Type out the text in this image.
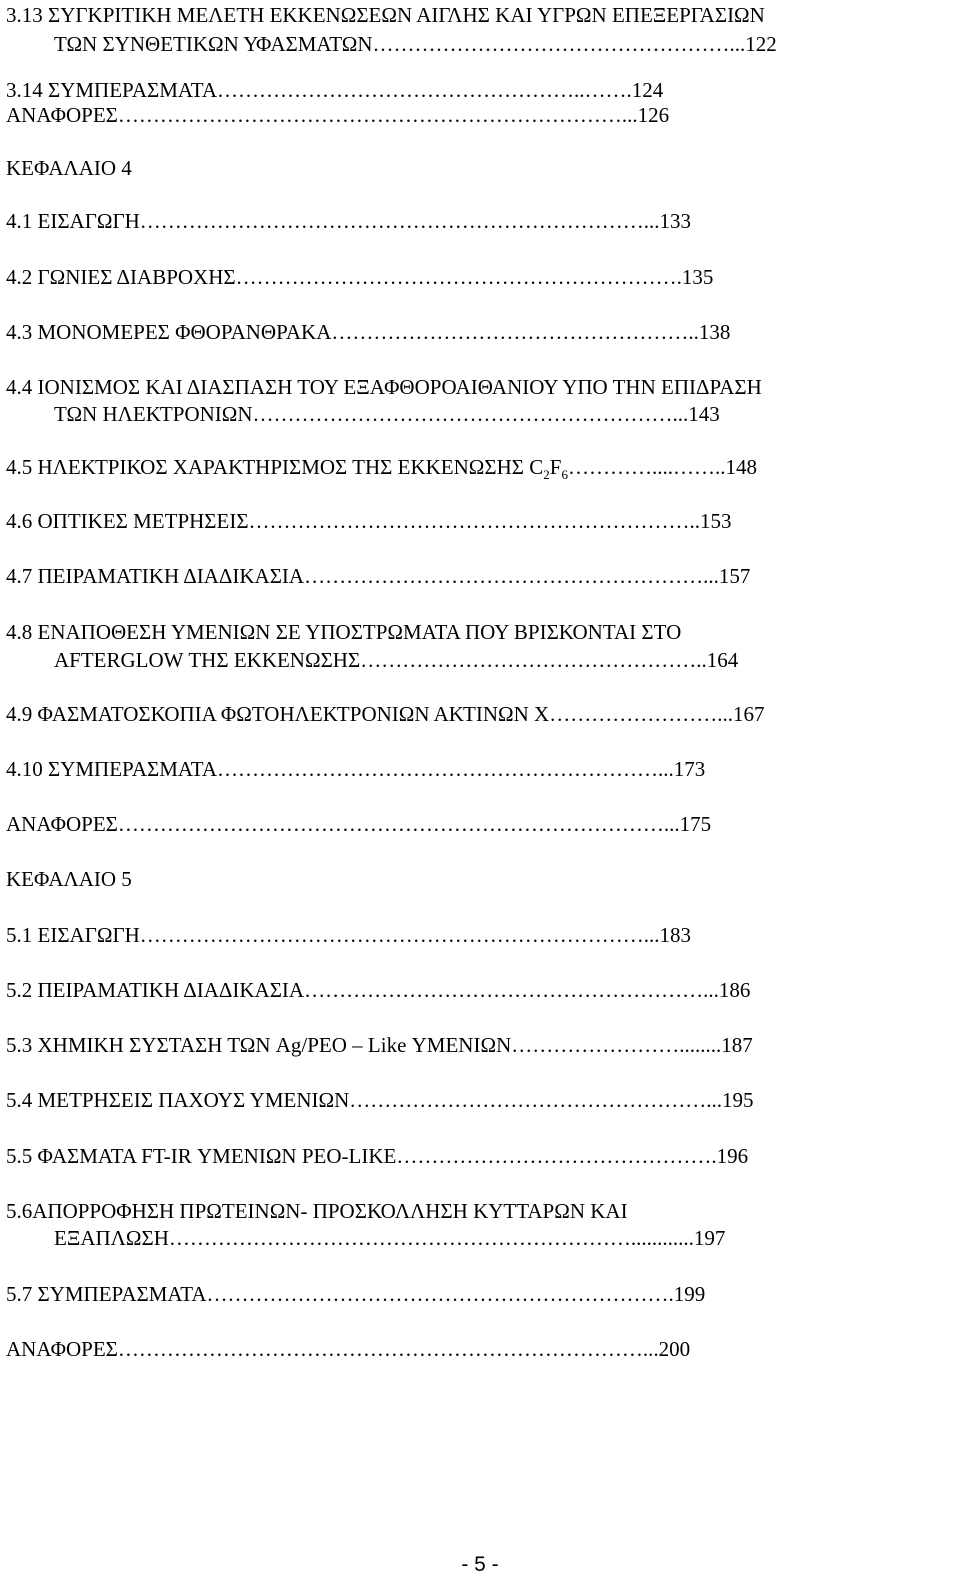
3.13 ΣΥΓΚΡΙΤΙΚΗ ΜΕΛΕΤΗ ΕΚΚΕΝΩΣΕΩΝ ΑΙΓΛΗΣ ΚΑΙ ΥΓΡΩΝ ΕΠΕΞΕΡΓΑΣΙΩΝ
ΤΩΝ ΣΥΝΘΕΤΙΚΩΝ ΥΦΑΣΜΑΤΩΝ……………………………………………...122
3.14 ΣΥΜΠΕΡΑΣΜΑΤΑ……………………………………………..…….124
ΑΝΑΦΟΡΕΣ………………………………………………………………...126
ΚΕΦΑΛΑΙΟ 4
4.1 ΕΙΣΑΓΩΓΗ………………………………………………………………...133
4.2 ΓΩΝΙΕΣ ΔΙΑΒΡΟΧΗΣ……………………………………………………….135
4.3 ΜΟΝΟΜΕΡΕΣ ΦΘΟΡΑΝΘΡΑΚΑ……………………………………………..138
4.4 ΙΟΝΙΣΜΟΣ ΚΑΙ ΔΙΑΣΠΑΣΗ ΤΟΥ ΕΞΑΦΘΟΡΟΑΙΘΑΝΙΟΥ ΥΠΟ ΤΗΝ ΕΠΙΔΡΑΣΗ
ΤΩΝ ΗΛΕΚΤΡΟΝΙΩΝ……………………………………………………...143
4.5 ΗΛΕΚΤΡΙΚΟΣ ΧΑΡΑΚΤΗΡΙΣΜΟΣ ΤΗΣ ΕΚΚΕΝΩΣΗΣ $C_2F_6\dots\dots\dots\dots....\dots\dots..148$
4.6 ΟΠΤΙΚΕΣ ΜΕΤΡΗΣΕΙΣ………………………………………………………..153
4.7 ΠΕΙΡΑΜΑΤΙΚΗ ΔΙΑΔΙΚΑΣΙΑ…………………………………………………...157
4.8 ΕΝΑΠΟΘΕΣΗ ΥΜΕΝΙΩΝ ΣΕ ΥΠΟΣΤΡΩΜΑΤΑ ΠΟΥ ΒΡΙΣΚΟΝΤΑΙ ΣΤΟ
AFTERGLOW ΤΗΣ ΕΚΚΕΝΩΣΗΣ…………………………………………..164
4.9 ΦΑΣΜΑΤΟΣΚΟΠΙΑ ΦΩΤΟΗΛΕΚΤΡΟΝΙΩΝ ΑΚΤΙΝΩΝ Χ……………………...167
4.10 ΣΥΜΠΕΡΑΣΜΑΤΑ………………………………………………………...173
ΑΝΑΦΟΡΕΣ……………………………………………………………………...175
ΚΕΦΑΛΑΙΟ 5
5.1 ΕΙΣΑΓΩΓΗ………………………………………………………………...183
5.2 ΠΕΙΡΑΜΑΤΙΚΗ ΔΙΑΔΙΚΑΣΙΑ…………………………………………………...186
5.3 ΧΗΜΙΚΗ ΣΥΣΤΑΣΗ ΤΩΝ Ag/PEO – Like ΥΜΕΝΙΩΝ……………………........187
5.4 ΜΕΤΡΗΣΕΙΣ ΠΑΧΟΥΣ ΥΜΕΝΙΩΝ……………………………………………...195
5.5 ΦΑΣΜΑΤΑ FT-IR ΥΜΕΝΙΩΝ PEO-LIKE……………………………………….196
5.6ΑΠΟΡΡΟΦΗΣΗ ΠΡΩΤΕΙΝΩΝ- ΠΡΟΣΚΟΛΛΗΣΗ ΚΥΤΤΑΡΩΝ ΚΑΙ
ΕΞΑΠΛΩΣΗ…………………………………………………………............197
5.7 ΣΥΜΠΕΡΑΣΜΑΤΑ………………………………………………………….199
ΑΝΑΦΟΡΕΣ…………………………………………………………………...200
- 5 -
